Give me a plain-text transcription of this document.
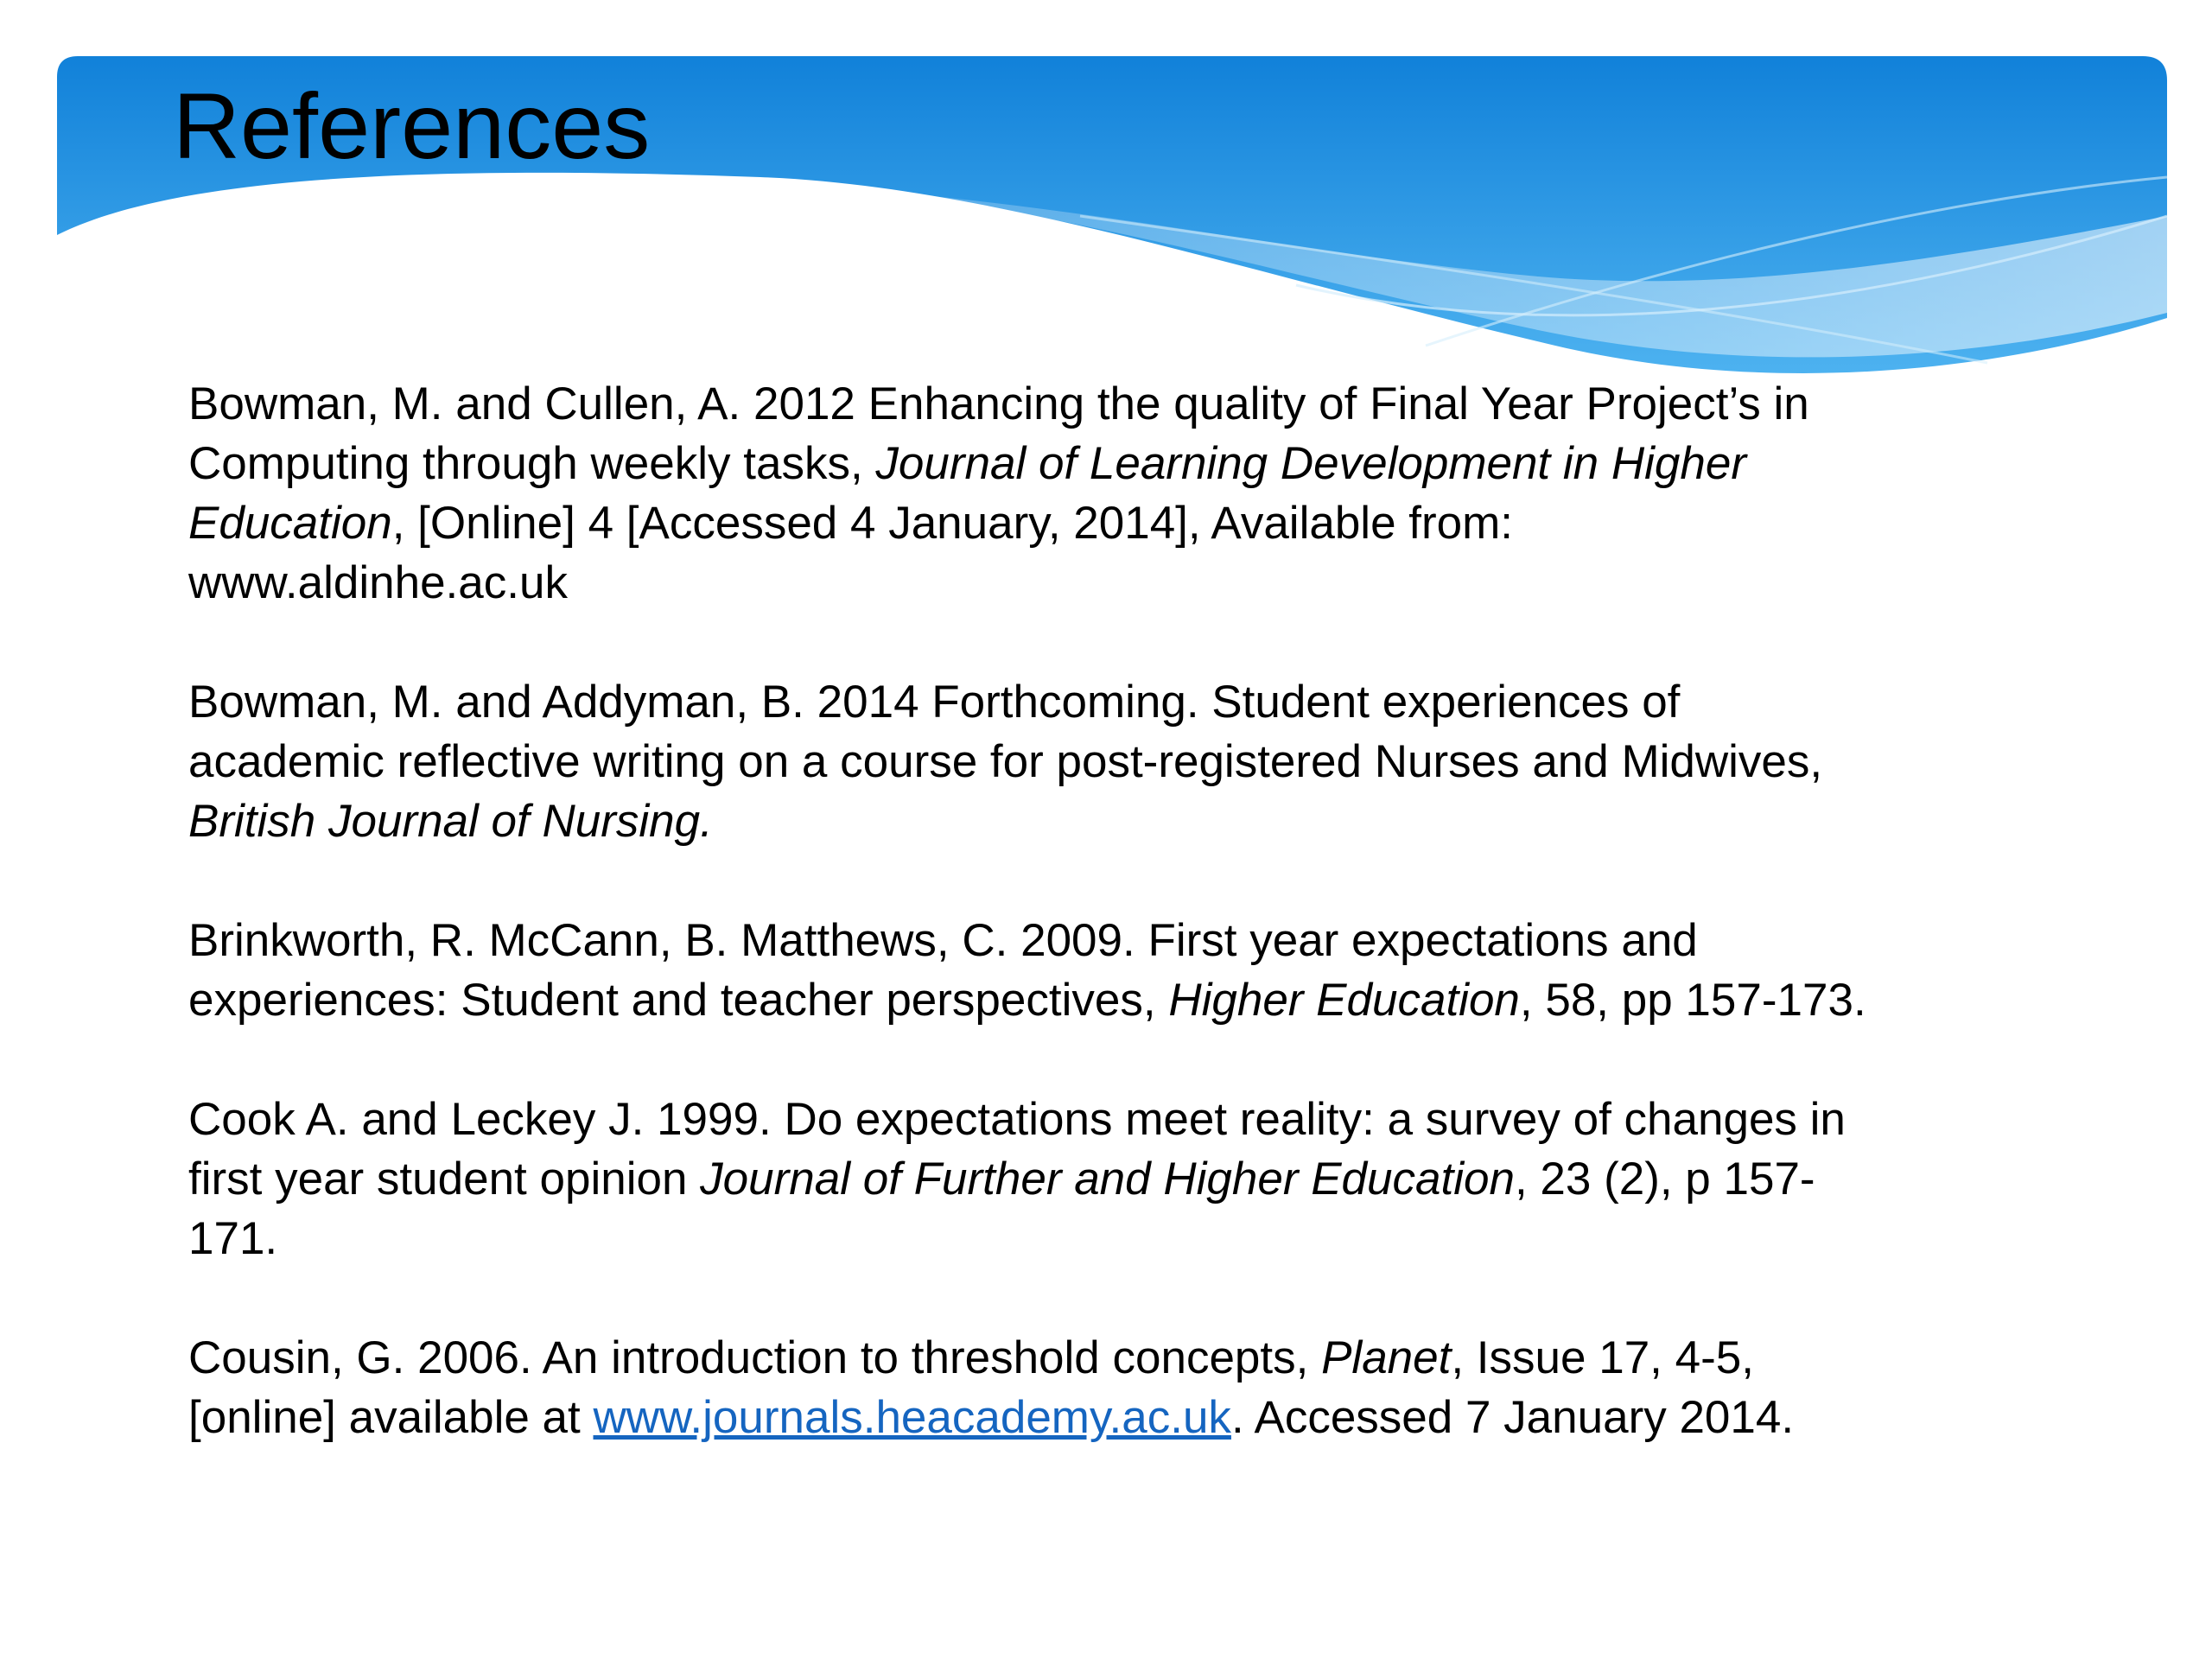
References

Bowman, M. and Cullen, A. 2012 Enhancing the quality of Final Year Project’s in
Computing through weekly tasks, Journal of Learning Development in Higher
Education, [Online] 4 [Accessed 4 January, 2014], Available from:
www.aldinhe.ac.uk

Bowman, M. and Addyman, B. 2014 Forthcoming. Student experiences of
academic reflective writing on a course for post-registered Nurses and Midwives,
British Journal of Nursing.

Brinkworth, R. McCann, B. Matthews, C. 2009. First year expectations and
experiences: Student and teacher perspectives, Higher Education, 58, pp 157-173.

Cook A. and Leckey J. 1999. Do expectations meet reality: a survey of changes in
first year student opinion Journal of Further and Higher Education, 23 (2), p 157-
171.

Cousin, G. 2006. An introduction to threshold concepts, Planet, Issue 17, 4-5,
[online] available at www.journals.heacademy.ac.uk. Accessed 7 January 2014.
